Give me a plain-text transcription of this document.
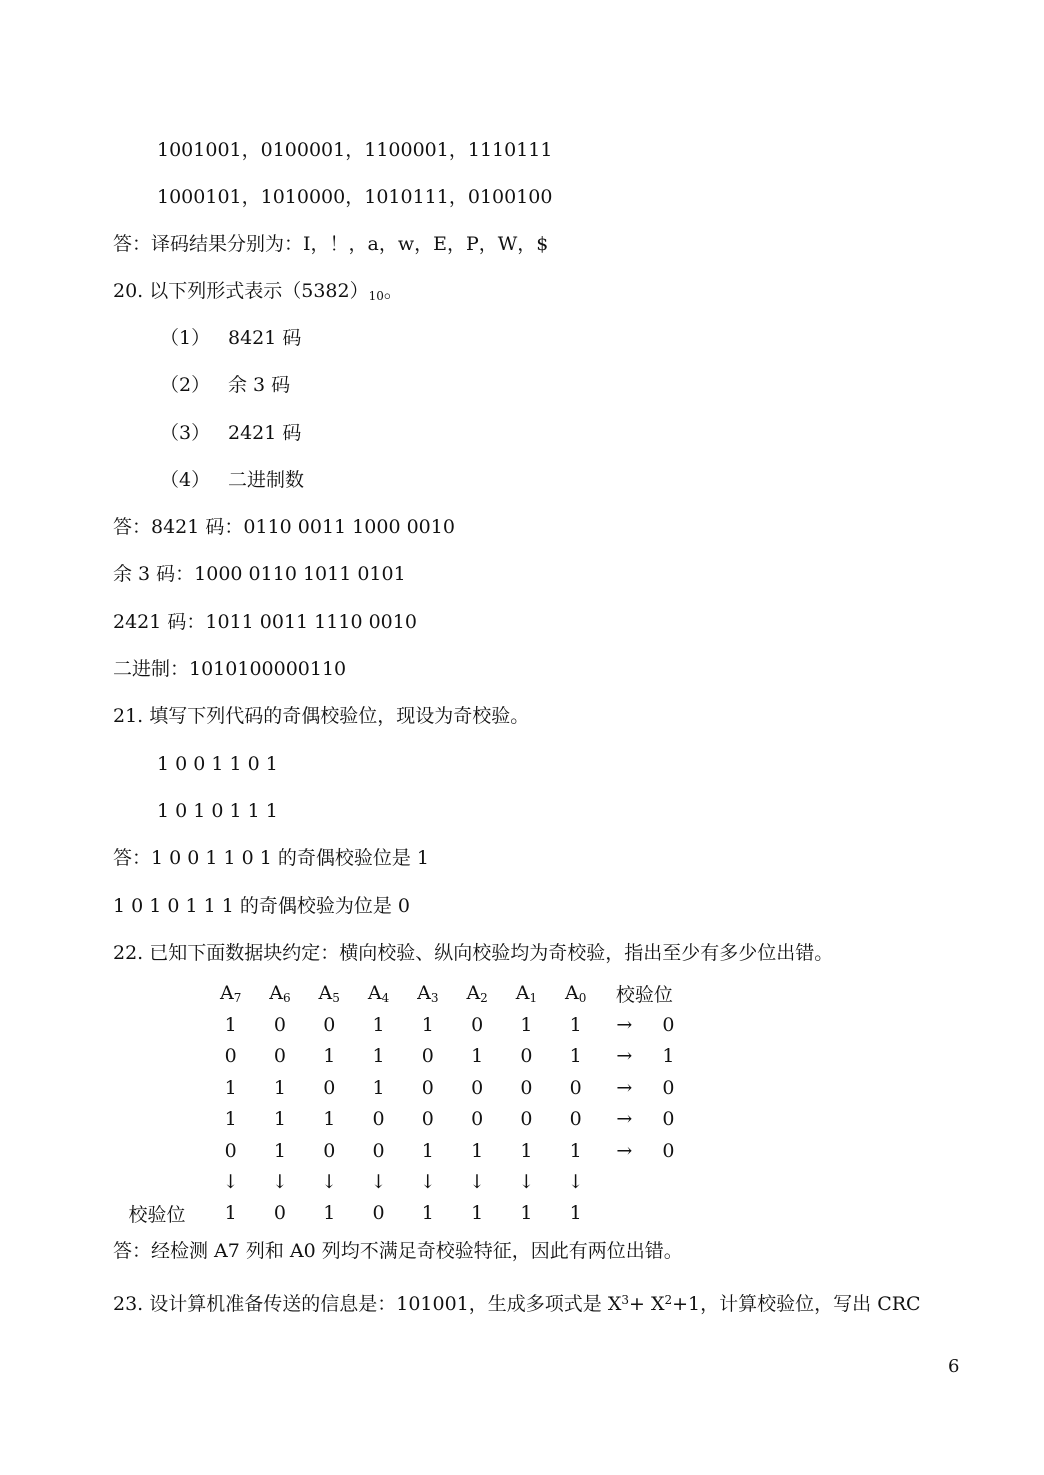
1001001，0100001，1100001，1110111
1000101，1010000，1010111，0100100
答：译码结果分别为：I，！，a，w，E，P，W，$
20. 以下列形式表示$(5382)_{10}$。
（1） 8421 码
（2） 余 3 码
（3） 2421 码
（4） 二进制数
答：8421 码：0110 0011 1000 0010
余 3 码：1000 0110 1011 0101
2421 码：1011 0011 1110 0010
二进制：1010100000110
21. 填写下列代码的奇偶校验位，现设为奇校验。
1 0 0 1 1 0 1
1 0 1 0 1 1 1
答：1 0 0 1 1 0 1 的奇偶校验位是 1
1 0 1 0 1 1 1 的奇偶校验为位是 0
22. 已知下面数据块约定：横向校验、纵向校验均为奇校验，指出至少有多少位出错。
	$A_7$	$A_6$	$A_5$	$A_4$	$A_3$	$A_2$	$A_1$	$A_0$	校验位	
	1	0	0	1	1	0	1	1	→	0
	0	0	1	1	0	1	0	1	→	1
	1	1	0	1	0	0	0	0	→	0
	1	1	1	0	0	0	0	0	→	0
	0	1	0	0	1	1	1	1	→	0
	↓	↓	↓	↓	↓	↓	↓	↓		
校验位	1	0	1	0	1	1	1	1		
答：经检测 A7 列和 A0 列均不满足奇校验特征，因此有两位出错。
23. 设计算机准备传送的信息是：101001，生成多项式是 $X^3+ X^2+1$，计算校验位，写出 CRC
6
